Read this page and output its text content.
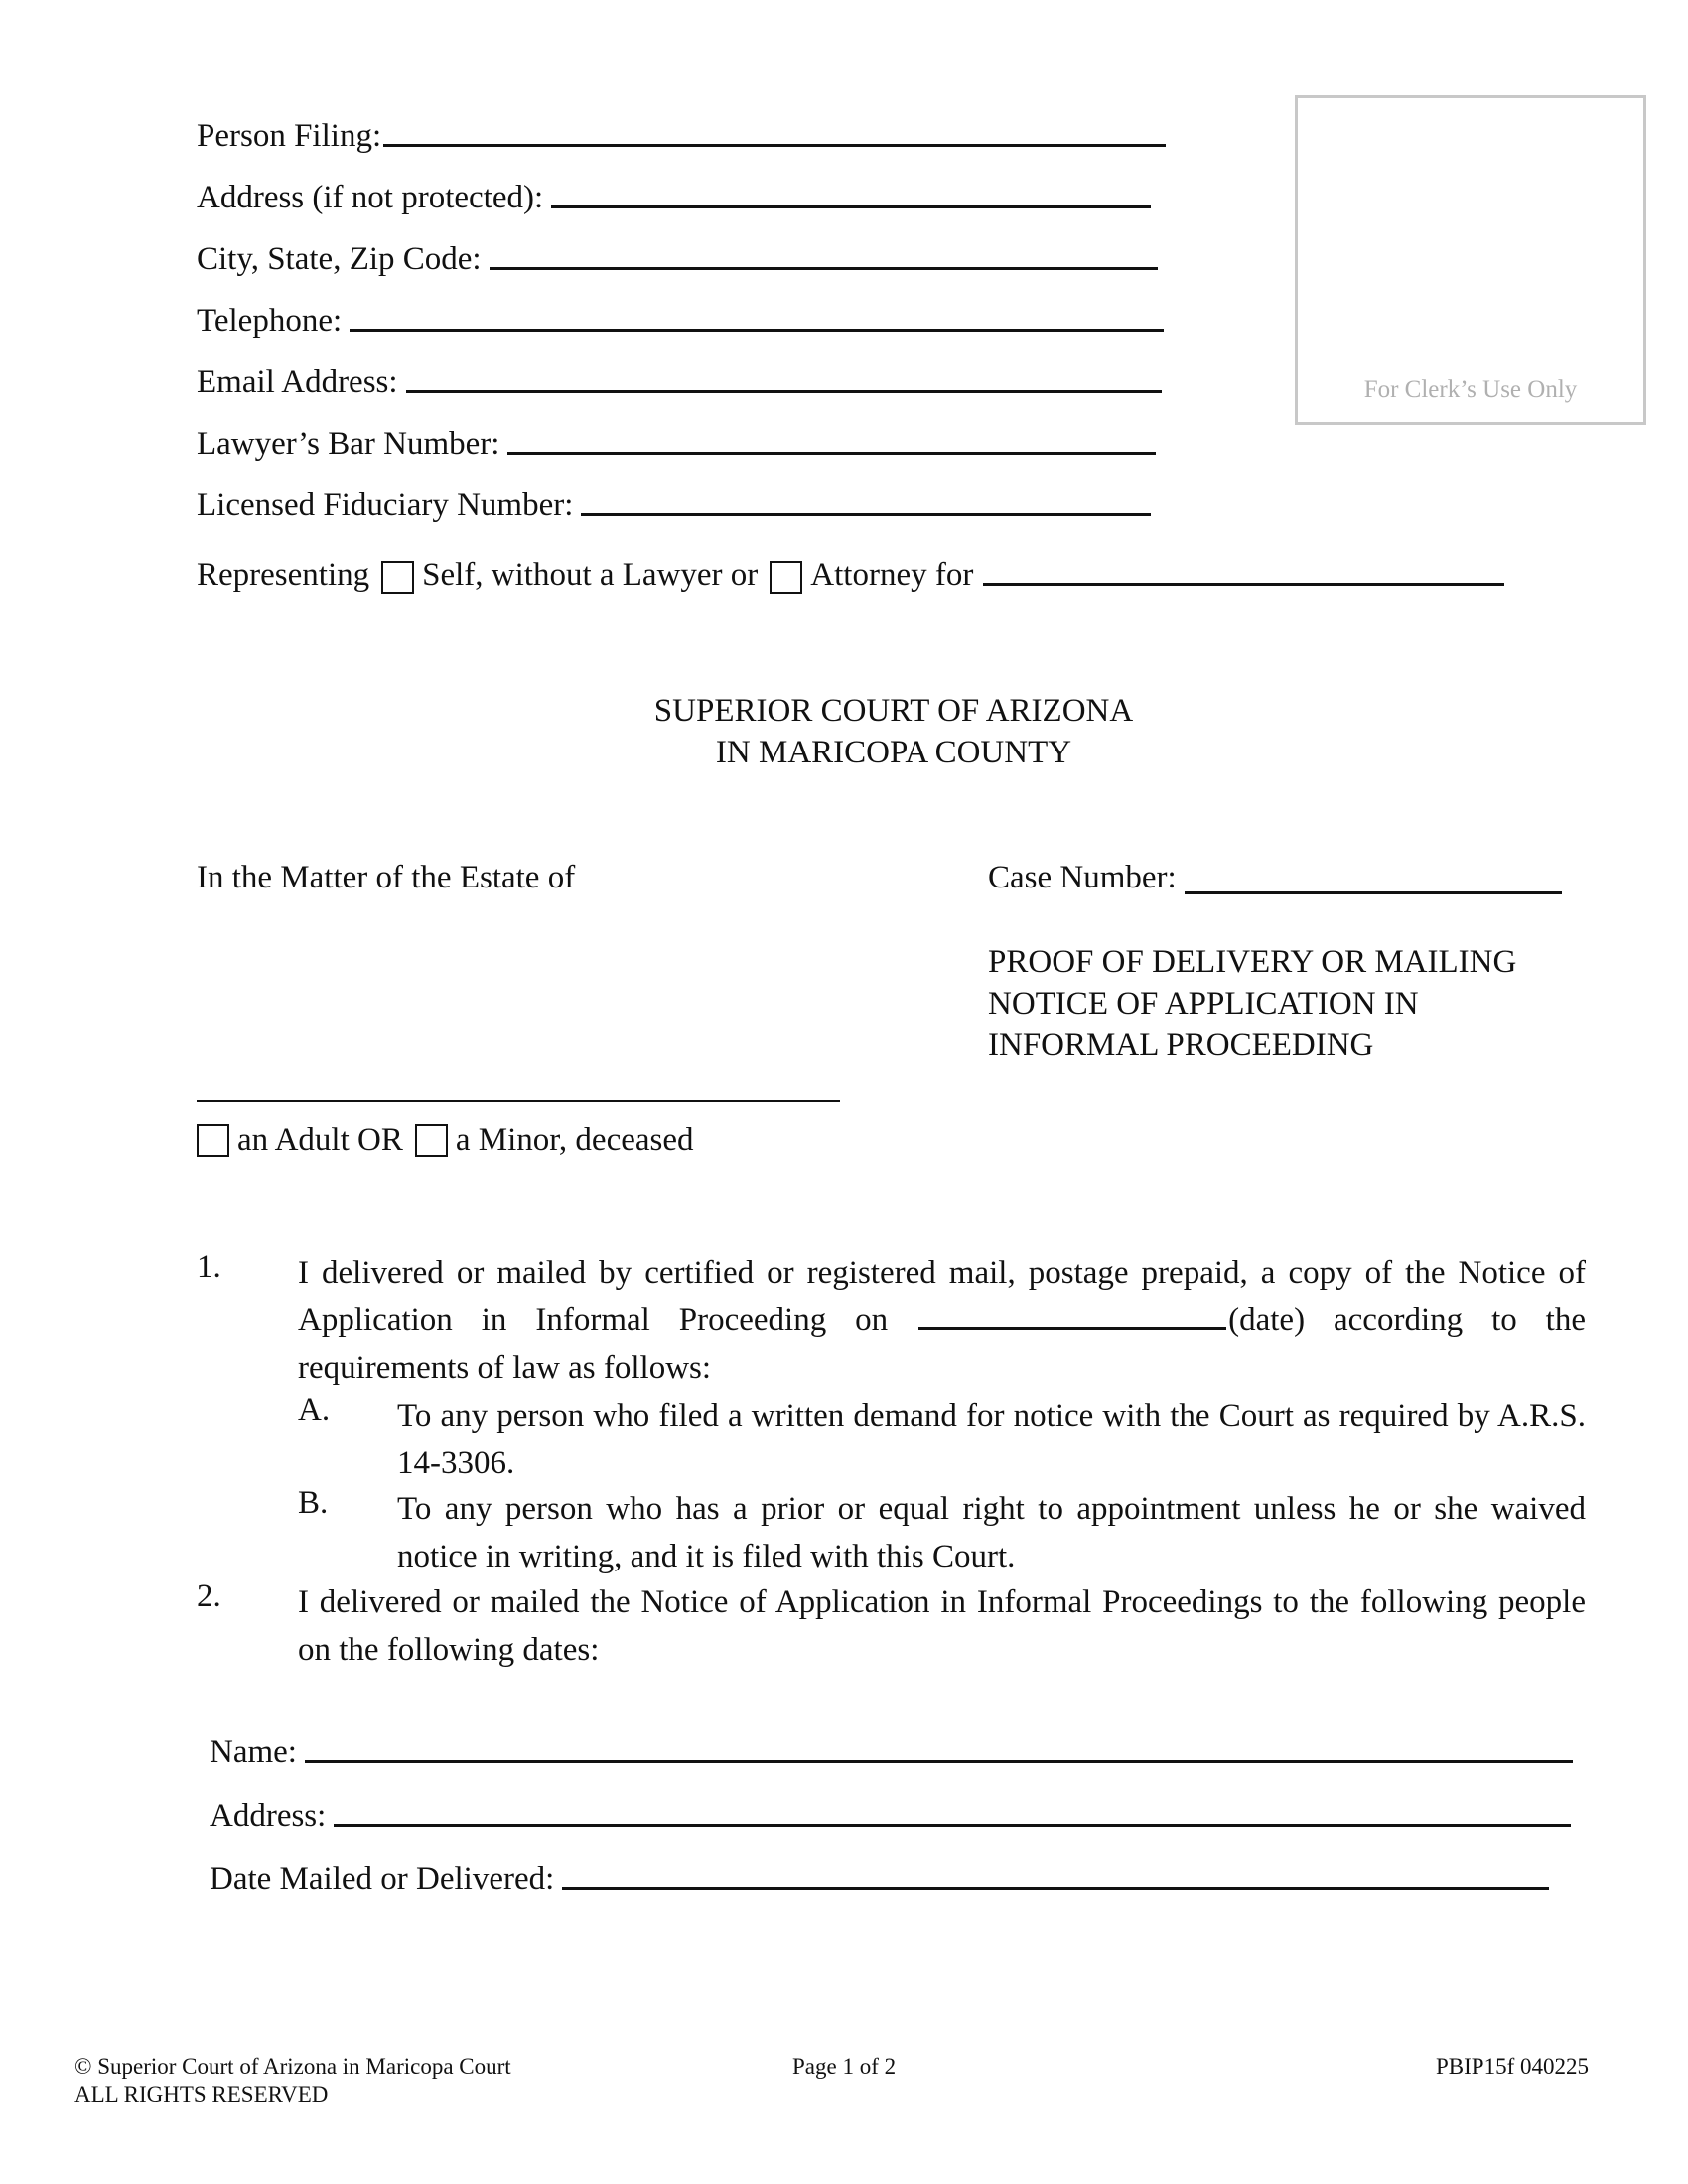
Person Filing:
Address (if not protected):
City, State, Zip Code:
Telephone:
Email Address:
Lawyer’s Bar Number:
Licensed Fiduciary Number:
Representing Self, without a Lawyer or Attorney for
For Clerk’s Use Only
SUPERIOR COURT OF ARIZONA
IN MARICOPA COUNTY
In the Matter of the Estate of	Case Number:
PROOF OF DELIVERY OR MAILING
NOTICE OF APPLICATION IN
INFORMAL PROCEEDING
an Adult OR a Minor, deceased
1. I delivered or mailed by certified or registered mail, postage prepaid, a copy of the Notice of Application in Informal Proceeding on	(date) according to the requirements of law as follows:
A. To any person who filed a written demand for notice with the Court as required by A.R.S. 14-3306.
B. To any person who has a prior or equal right to appointment unless he or she waived notice in writing, and it is filed with this Court.
2. I delivered or mailed the Notice of Application in Informal Proceedings to the following people on the following dates:
Name:
Address:
Date Mailed or Delivered:
© Superior Court of Arizona in Maricopa Court
ALL RIGHTS RESERVED
Page 1 of 2	PBIP15f 040225
